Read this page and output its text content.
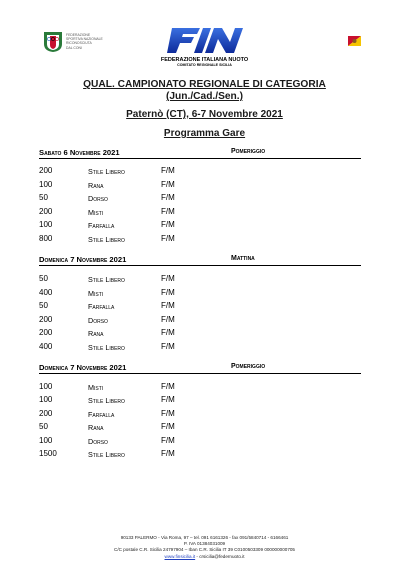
FEDERAZIONE
SPORTIVA NAZIONALE
RICONOSCIUTA
DAL CONI
FEDERAZIONE ITALIANA NUOTO
COMITATO REGIONALE SICILIA
QUAL. CAMPIONATO REGIONALE DI CATEGORIA
(Jun./Cad./Sen.)
Paternò (CT), 6-7 Novembre 2021
Programma Gare
Sabato 6 Novembre 2021	Pomeriggio
200	Stile Libero	F/M
100	Rana	F/M
50	Dorso	F/M
200	Misti	F/M
100	Farfalla	F/M
800	Stile Libero	F/M
Domenica 7 Novembre 2021	Mattina
50	Stile Libero	F/M
400	Misti	F/M
50	Farfalla	F/M
200	Dorso	F/M
200	Rana	F/M
400	Stile Libero	F/M
Domenica 7 Novembre 2021	Pomeriggio
100	Misti	F/M
100	Stile Libero	F/M
200	Farfalla	F/M
50	Rana	F/M
100	Dorso	F/M
1500	Stile Libero	F/M
90133 PALERMO - Via Roma, 97 – tel. 091 6161326 - fax 091/5840714 - 6166461
P. IVA 01384031009
C/C postale C.R. Sicilia 24797904 – Iban C.R. Sicilia IT 39 C0100503309 000000000705
www.finsicilia.it - crsicilia@federnuoto.it
